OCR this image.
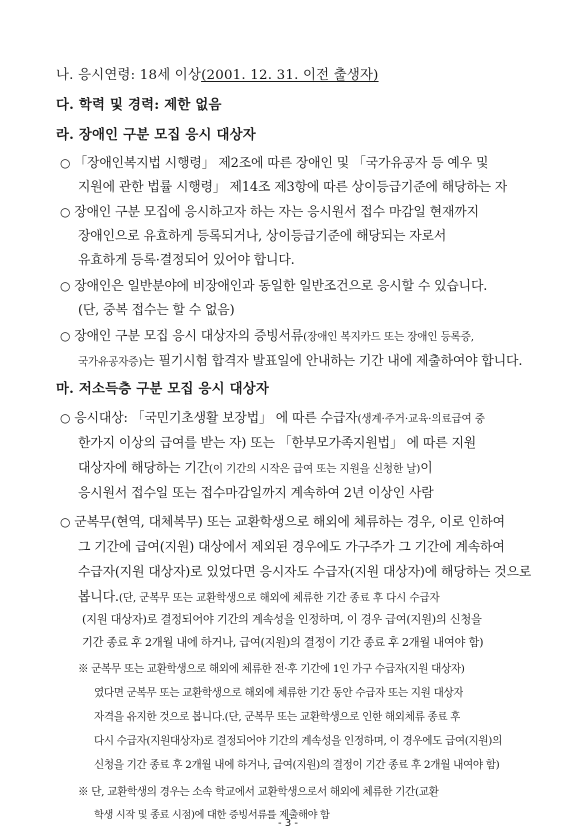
나. 응시연령: 18세 이상(2001. 12. 31. 이전 출생자)
다. 학력 및 경력: 제한 없음
라. 장애인 구분 모집 응시 대상자
○ 「장애인복지법 시행령」 제2조에 따른 장애인 및 「국가유공자 등 예우 및
지원에 관한 법률 시행령」 제14조 제3항에 따른 상이등급기준에 해당하는 자
○ 장애인 구분 모집에 응시하고자 하는 자는 응시원서 접수 마감일 현재까지
장애인으로 유효하게 등록되거나, 상이등급기준에 해당되는 자로서
유효하게 등록·결정되어 있어야 합니다.
○ 장애인은 일반분야에 비장애인과 동일한 일반조건으로 응시할 수 있습니다.
(단, 중복 접수는 할 수 없음)
○ 장애인 구분 모집 응시 대상자의 증빙서류(장애인 복지카드 또는 장애인 등록증,
국가유공자증)는 필기시험 합격자 발표일에 안내하는 기간 내에 제출하여야 합니다.
마. 저소득층 구분 모집 응시 대상자
○ 응시대상: 「국민기초생활 보장법」 에 따른 수급자(생계·주거·교육·의료급여 중
한가지 이상의 급여를 받는 자) 또는 「한부모가족지원법」 에 따른 지원
대상자에 해당하는 기간(이 기간의 시작은 급여 또는 지원을 신청한 날)이
응시원서 접수일 또는 접수마감일까지 계속하여 2년 이상인 사람
○ 군복무(현역, 대체복무) 또는 교환학생으로 해외에 체류하는 경우, 이로 인하여
그 기간에 급여(지원) 대상에서 제외된 경우에도 가구주가 그 기간에 계속하여
수급자(지원 대상자)로 있었다면 응시자도 수급자(지원 대상자)에 해당하는 것으로
봅니다.(단, 군복무 또는 교환학생으로 해외에 체류한 기간 종료 후 다시 수급자
(지원 대상자)로 결정되어야 기간의 계속성을 인정하며, 이 경우 급여(지원)의 신청을
기간 종료 후 2개월 내에 하거나, 급여(지원)의 결정이 기간 종료 후 2개월 내여야 함)
※ 군복무 또는 교환학생으로 해외에 체류한 전·후 기간에 1인 가구 수급자(지원 대상자)
였다면 군복무 또는 교환학생으로 해외에 체류한 기간 동안 수급자 또는 지원 대상자
자격을 유지한 것으로 봅니다.(단, 군복무 또는 교환학생으로 인한 해외체류 종료 후
다시 수급자(지원대상자)로 결정되어야 기간의 계속성을 인정하며, 이 경우에도 급여(지원)의
신청을 기간 종료 후 2개월 내에 하거나, 급여(지원)의 결정이 기간 종료 후 2개월 내여야 함)
※ 단, 교환학생의 경우는 소속 학교에서 교환학생으로서 해외에 체류한 기간(교환
학생 시작 및 종료 시점)에 대한 증빙서류를 제출해야 함
- 3 -
